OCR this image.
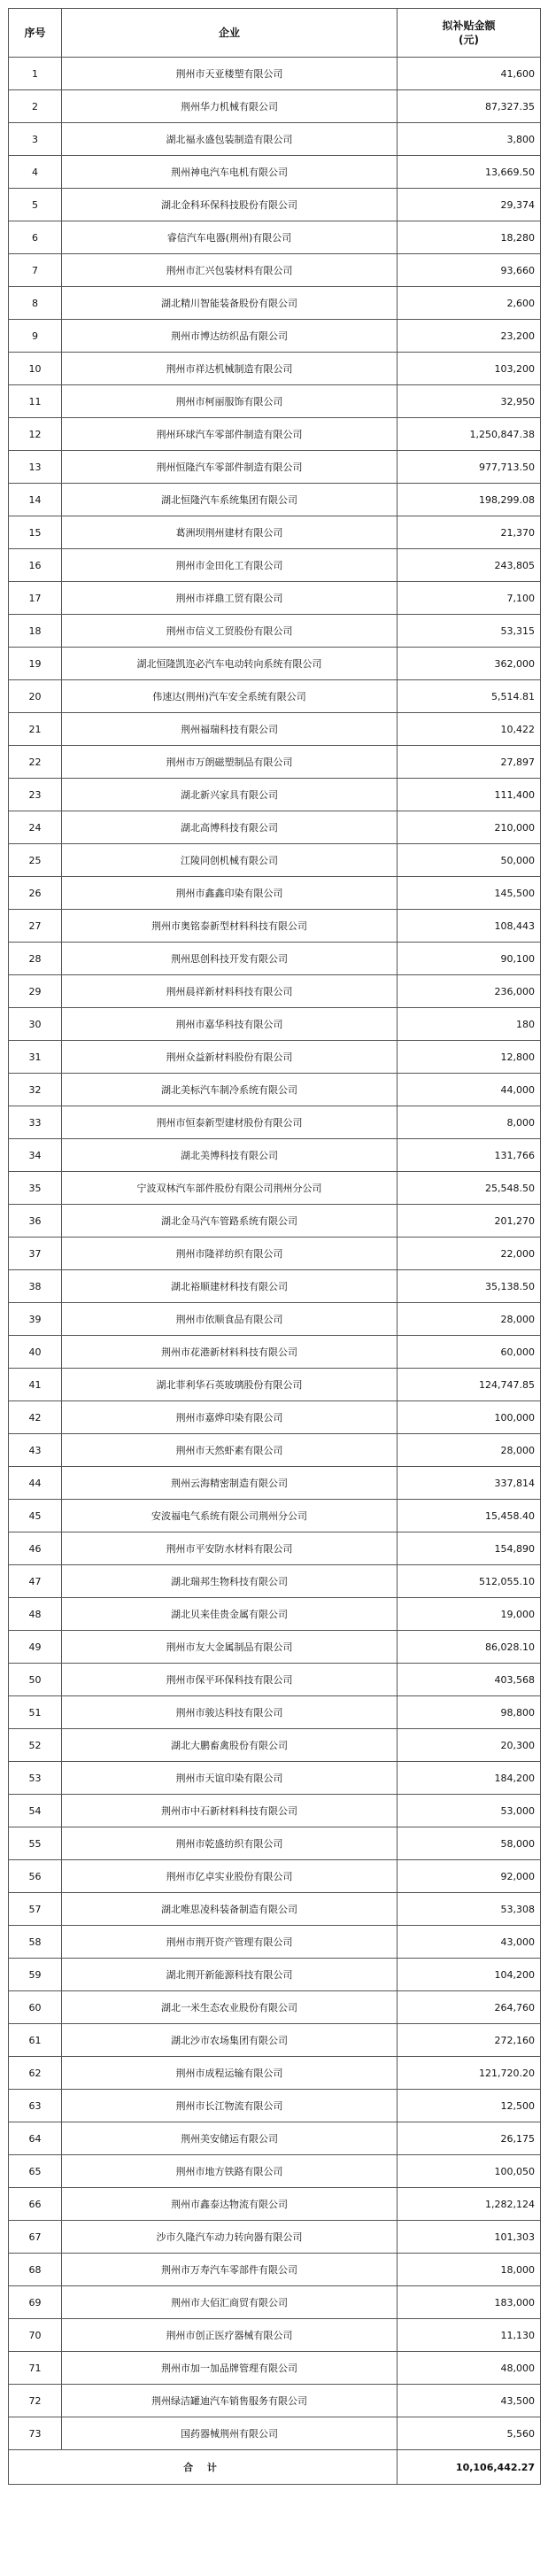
序号	企业	拟补贴金额
(元)

1	荆州市天亚楼塑有限公司	41,600
2	荆州华力机械有限公司	87,327.35
3	湖北福永盛包装制造有限公司	3,800
4	荆州神电汽车电机有限公司	13,669.50
5	湖北金科环保科技股份有限公司	29,374
6	睿信汽车电器(荆州)有限公司	18,280
7	荆州市汇兴包装材料有限公司	93,660
8	湖北精川智能装备股份有限公司	2,600
9	荆州市博达纺织品有限公司	23,200
10	荆州市祥达机械制造有限公司	103,200
11	荆州市柯丽服饰有限公司	32,950
12	荆州环球汽车零部件制造有限公司	1,250,847.38
13	荆州恒隆汽车零部件制造有限公司	977,713.50
14	湖北恒隆汽车系统集团有限公司	198,299.08
15	葛洲坝荆州建材有限公司	21,370
16	荆州市金田化工有限公司	243,805
17	荆州市祥鼎工贸有限公司	7,100
18	荆州市信义工贸股份有限公司	53,315
19	湖北恒隆凯迩必汽车电动转向系统有限公司	362,000
20	伟速达(荆州)汽车安全系统有限公司	5,514.81
21	荆州福瑞科技有限公司	10,422
22	荆州市万朗磁塑制品有限公司	27,897
23	湖北新兴家具有限公司	111,400
24	湖北高博科技有限公司	210,000
25	江陵同创机械有限公司	50,000
26	荆州市鑫鑫印染有限公司	145,500
27	荆州市奥铭泰新型材料科技有限公司	108,443
28	荆州思创科技开发有限公司	90,100
29	荆州晨祥新材料科技有限公司	236,000
30	荆州市嘉华科技有限公司	180
31	荆州众益新材料股份有限公司	12,800
32	湖北美标汽车制冷系统有限公司	44,000
33	荆州市恒泰新型建材股份有限公司	8,000
34	湖北美博科技有限公司	131,766
35	宁波双林汽车部件股份有限公司荆州分公司	25,548.50
36	湖北金马汽车管路系统有限公司	201,270
37	荆州市隆祥纺织有限公司	22,000
38	湖北裕顺建材科技有限公司	35,138.50
39	荆州市依顺食品有限公司	28,000
40	荆州市花港新材料科技有限公司	60,000
41	湖北菲利华石英玻璃股份有限公司	124,747.85
42	荆州市嘉烨印染有限公司	100,000
43	荆州市天然虾素有限公司	28,000
44	荆州云海精密制造有限公司	337,814
45	安波福电气系统有限公司荆州分公司	15,458.40
46	荆州市平安防水材料有限公司	154,890
47	湖北瑞邦生物科技有限公司	512,055.10
48	湖北贝来佳贵金属有限公司	19,000
49	荆州市友大金属制品有限公司	86,028.10
50	荆州市保平环保科技有限公司	403,568
51	荆州市骏达科技有限公司	98,800
52	湖北大鹏畜禽股份有限公司	20,300
53	荆州市天谊印染有限公司	184,200
54	荆州市中石新材料科技有限公司	53,000
55	荆州市乾盛纺织有限公司	58,000
56	荆州市亿卓实业股份有限公司	92,000
57	湖北唯思凌科装备制造有限公司	53,308
58	荆州市荆开资产管理有限公司	43,000
59	湖北荆开新能源科技有限公司	104,200
60	湖北一米生态农业股份有限公司	264,760
61	湖北沙市农场集团有限公司	272,160
62	荆州市成程运输有限公司	121,720.20
63	荆州市长江物流有限公司	12,500
64	荆州美安储运有限公司	26,175
65	荆州市地方铁路有限公司	100,050
66	荆州市鑫泰达物流有限公司	1,282,124
67	沙市久隆汽车动力转向器有限公司	101,303
68	荆州市万寿汽车零部件有限公司	18,000
69	荆州市大佰汇商贸有限公司	183,000
70	荆州市创正医疗器械有限公司	11,130
71	荆州市加一加品牌管理有限公司	48,000
72	荆州绿洁罐迪汽车销售服务有限公司	43,500
73	国药器械荆州有限公司	5,560
合 计		10,106,442.27
